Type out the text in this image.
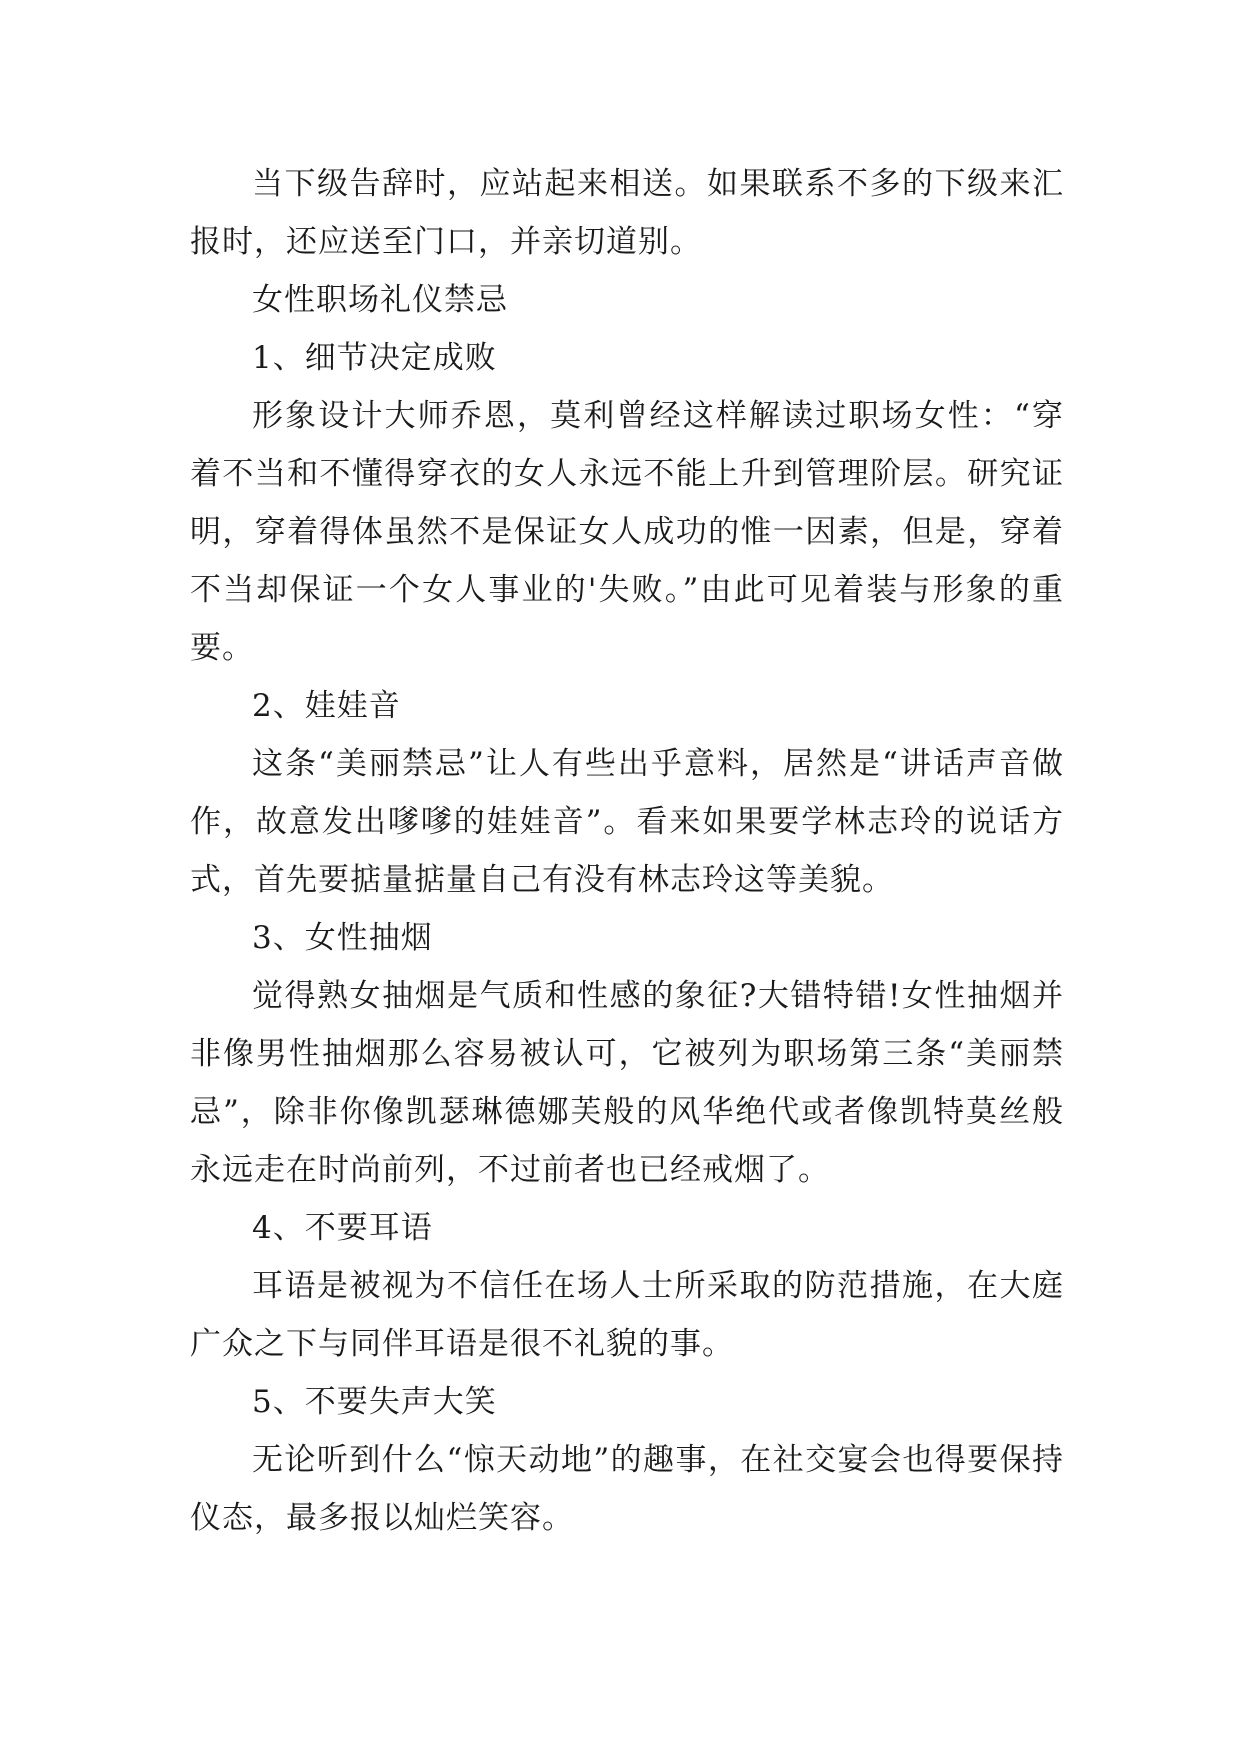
当下级告辞时，应站起来相送。如果联系不多的下级来汇报时，还应送至门口，并亲切道别。

女性职场礼仪禁忌

1、细节决定成败

形象设计大师乔恩，莫利曾经这样解读过职场女性：“穿着不当和不懂得穿衣的女人永远不能上升到管理阶层。研究证明，穿着得体虽然不是保证女人成功的惟一因素，但是，穿着不当却保证一个女人事业的'失败。”由此可见着装与形象的重要。

2、娃娃音

这条“美丽禁忌”让人有些出乎意料，居然是“讲话声音做作，故意发出嗲嗲的娃娃音”。看来如果要学林志玲的说话方式，首先要掂量掂量自己有没有林志玲这等美貌。

3、女性抽烟

觉得熟女抽烟是气质和性感的象征?大错特错!女性抽烟并非像男性抽烟那么容易被认可，它被列为职场第三条“美丽禁忌”，除非你像凯瑟琳德娜芙般的风华绝代或者像凯特莫丝般永远走在时尚前列，不过前者也已经戒烟了。

4、不要耳语

耳语是被视为不信任在场人士所采取的防范措施，在大庭广众之下与同伴耳语是很不礼貌的事。

5、不要失声大笑

无论听到什么“惊天动地”的趣事，在社交宴会也得要保持仪态，最多报以灿烂笑容。
